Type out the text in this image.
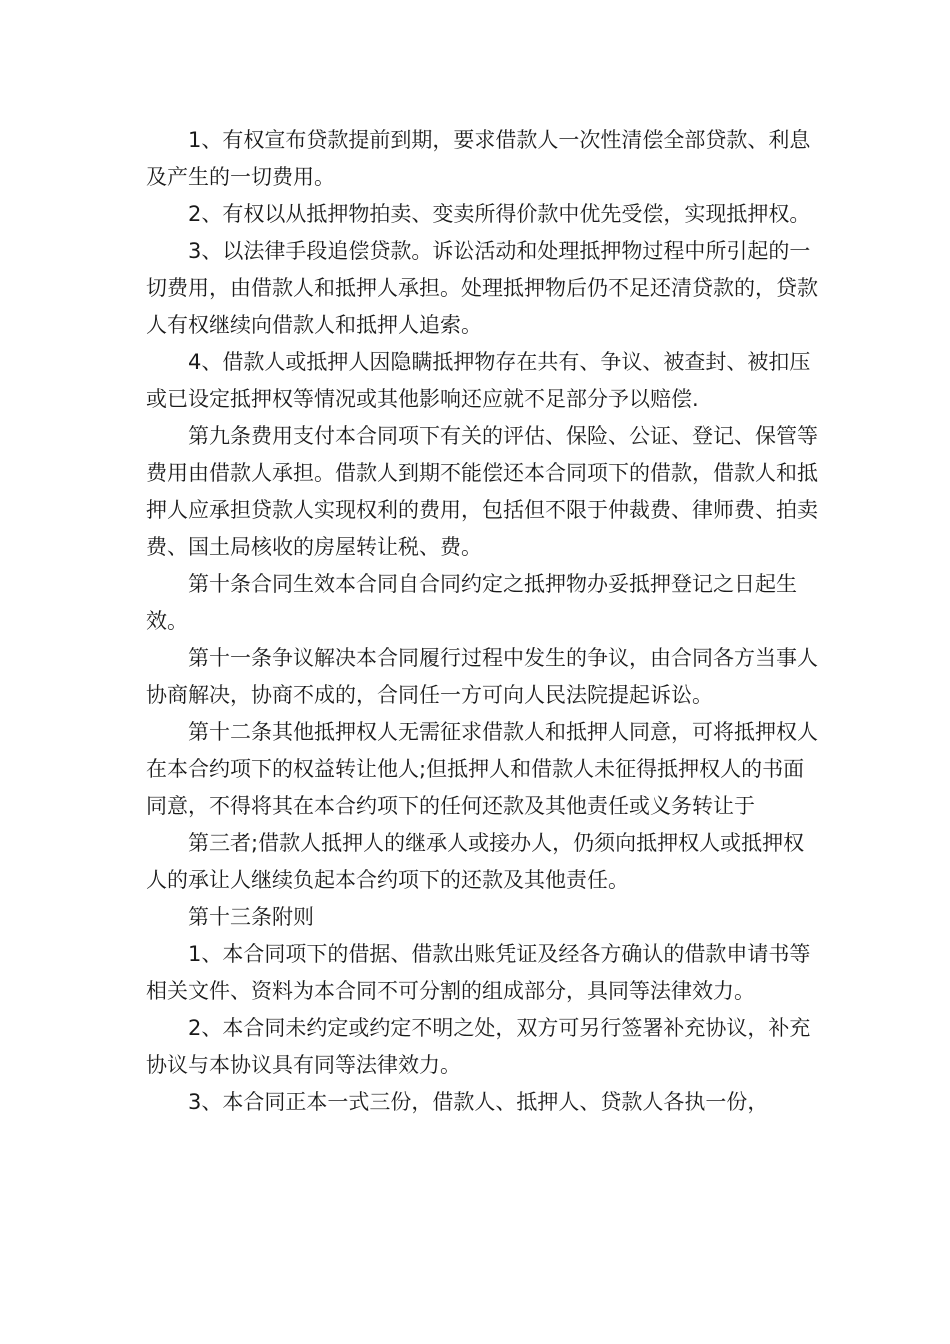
1、有权宣布贷款提前到期，要求借款人一次性清偿全部贷款、利息及产生的一切费用。

2、有权以从抵押物拍卖、变卖所得价款中优先受偿，实现抵押权。

3、以法律手段追偿贷款。诉讼活动和处理抵押物过程中所引起的一切费用，由借款人和抵押人承担。处理抵押物后仍不足还清贷款的，贷款人有权继续向借款人和抵押人追索。

4、借款人或抵押人因隐瞒抵押物存在共有、争议、被查封、被扣压或已设定抵押权等情况或其他影响还应就不足部分予以赔偿.

第九条费用支付本合同项下有关的评估、保险、公证、登记、保管等费用由借款人承担。借款人到期不能偿还本合同项下的借款，借款人和抵押人应承担贷款人实现权利的费用，包括但不限于仲裁费、律师费、拍卖费、国土局核收的房屋转让税、费。

第十条合同生效本合同自合同约定之抵押物办妥抵押登记之日起生效。

第十一条争议解决本合同履行过程中发生的争议，由合同各方当事人协商解决，协商不成的，合同任一方可向人民法院提起诉讼。

第十二条其他抵押权人无需征求借款人和抵押人同意，可将抵押权人在本合约项下的权益转让他人;但抵押人和借款人未征得抵押权人的书面同意，不得将其在本合约项下的任何还款及其他责任或义务转让于

第三者;借款人抵押人的继承人或接办人，仍须向抵押权人或抵押权人的承让人继续负起本合约项下的还款及其他责任。

第十三条附则

1、本合同项下的借据、借款出账凭证及经各方确认的借款申请书等相关文件、资料为本合同不可分割的组成部分，具同等法律效力。

2、本合同未约定或约定不明之处，双方可另行签署补充协议，补充协议与本协议具有同等法律效力。

3、本合同正本一式三份，借款人、抵押人、贷款人各执一份，
